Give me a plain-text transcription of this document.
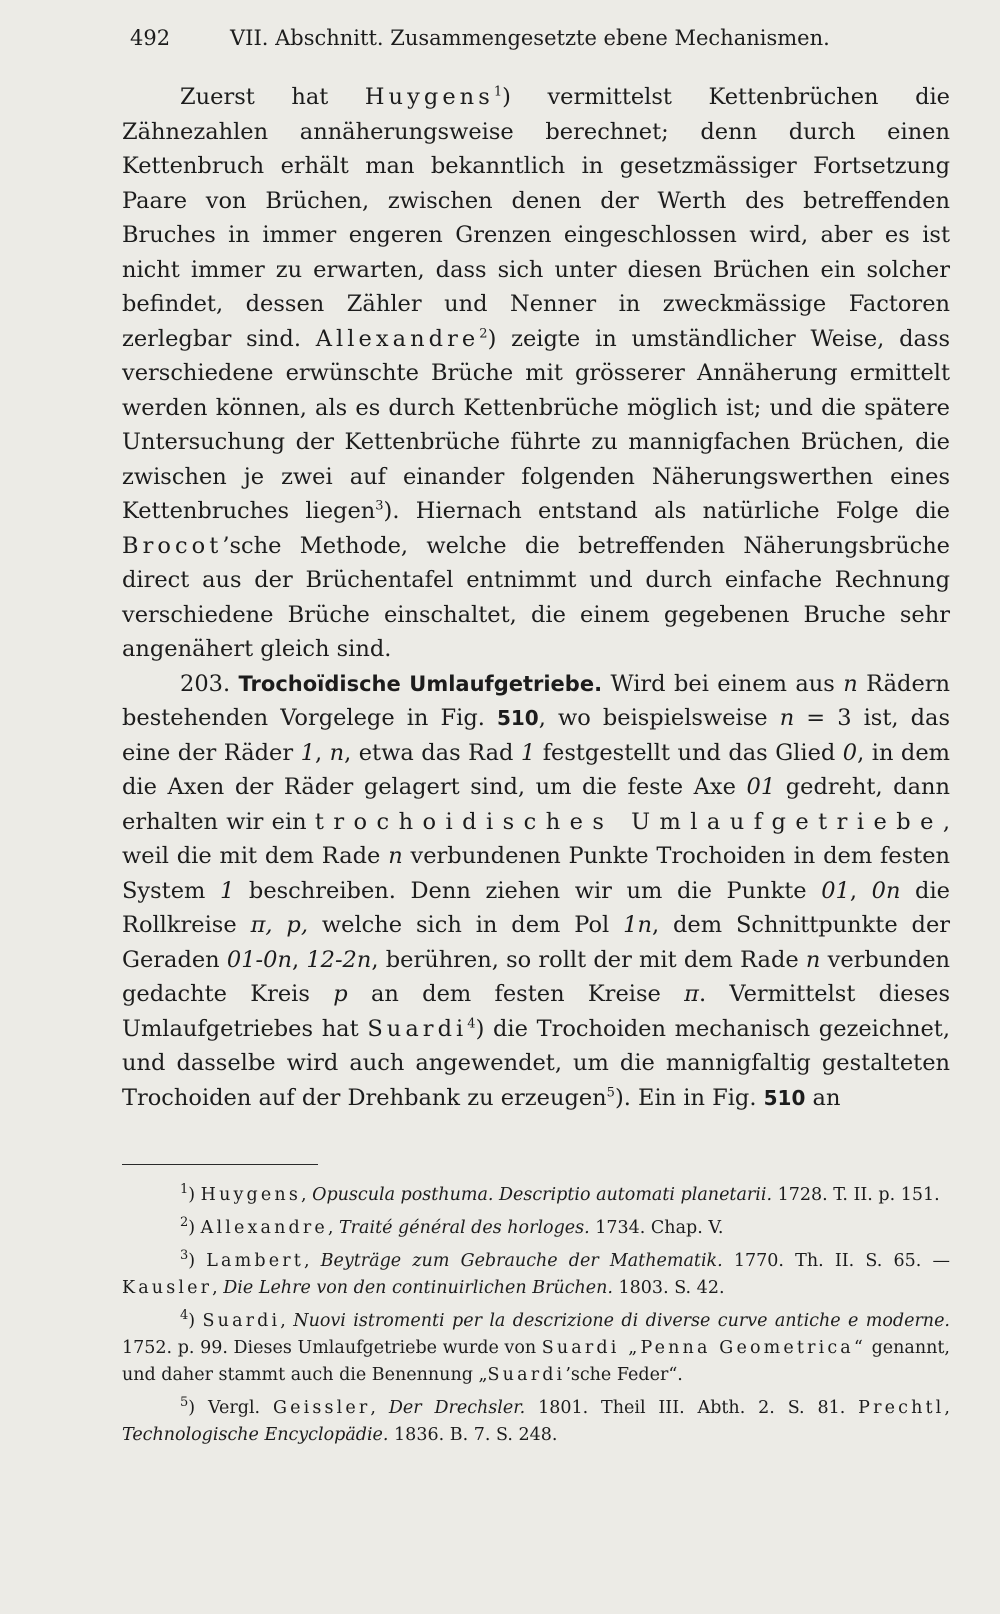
492	VII. Abschnitt. Zusammengesetzte ebene Mechanismen.

Zuerst hat Huygens$^1$) vermittelst Kettenbrüchen die Zähnezahlen annäherungsweise berechnet; denn durch einen Kettenbruch erhält man bekanntlich in gesetzmässiger Fortsetzung Paare von Brüchen, zwischen denen der Werth des betreffenden Bruches in immer engeren Grenzen eingeschlossen wird, aber es ist nicht immer zu erwarten, dass sich unter diesen Brüchen ein solcher befindet, dessen Zähler und Nenner in zweckmässige Factoren zerlegbar sind. Allexandre$^2$) zeigte in umständlicher Weise, dass verschiedene erwünschte Brüche mit grösserer Annäherung ermittelt werden können, als es durch Kettenbrüche möglich ist; und die spätere Untersuchung der Kettenbrüche führte zu mannigfachen Brüchen, die zwischen je zwei auf einander folgenden Näherungswerthen eines Kettenbruches liegen$^3$). Hiernach entstand als natürliche Folge die Brocot’sche Methode, welche die betreffenden Näherungsbrüche direct aus der Brüchentafel entnimmt und durch einfache Rechnung verschiedene Brüche einschaltet, die einem gegebenen Bruche sehr angenähert gleich sind.

203. Trochoïdische Umlaufgetriebe. Wird bei einem aus n Rädern bestehenden Vorgelege in Fig. 510, wo beispielsweise n = 3 ist, das eine der Räder 1, n, etwa das Rad 1 festgestellt und das Glied 0, in dem die Axen der Räder gelagert sind, um die feste Axe 01 gedreht, dann erhalten wir ein trochoidisches Umlaufgetriebe, weil die mit dem Rade n verbundenen Punkte Trochoiden in dem festen System 1 beschreiben. Denn ziehen wir um die Punkte 01, 0n die Rollkreise π, p, welche sich in dem Pol 1n, dem Schnittpunkte der Geraden 01-0n, 12-2n, berühren, so rollt der mit dem Rade n verbunden gedachte Kreis p an dem festen Kreise π. Vermittelst dieses Umlaufgetriebes hat Suardi$^4$) die Trochoiden mechanisch gezeichnet, und dasselbe wird auch angewendet, um die mannigfaltig gestalteten Trochoiden auf der Drehbank zu erzeugen$^5$). Ein in Fig. 510 an

$^1$) Huygens, Opuscula posthuma. Descriptio automati planetarii. 1728. T. II. p. 151.

$^2$) Allexandre, Traité général des horloges. 1734. Chap. V.

$^3$) Lambert, Beyträge zum Gebrauche der Mathematik. 1770. Th. II. S. 65. — Kausler, Die Lehre von den continuirlichen Brüchen. 1803. S. 42.

$^4$) Suardi, Nuovi istromenti per la descrizione di diverse curve antiche e moderne. 1752. p. 99. Dieses Umlaufgetriebe wurde von Suardi „Penna Geometrica“ genannt, und daher stammt auch die Benennung „Suardi’sche Feder“.

$^5$) Vergl. Geissler, Der Drechsler. 1801. Theil III. Abth. 2. S. 81. Prechtl, Technologische Encyclopädie. 1836. B. 7. S. 248.
